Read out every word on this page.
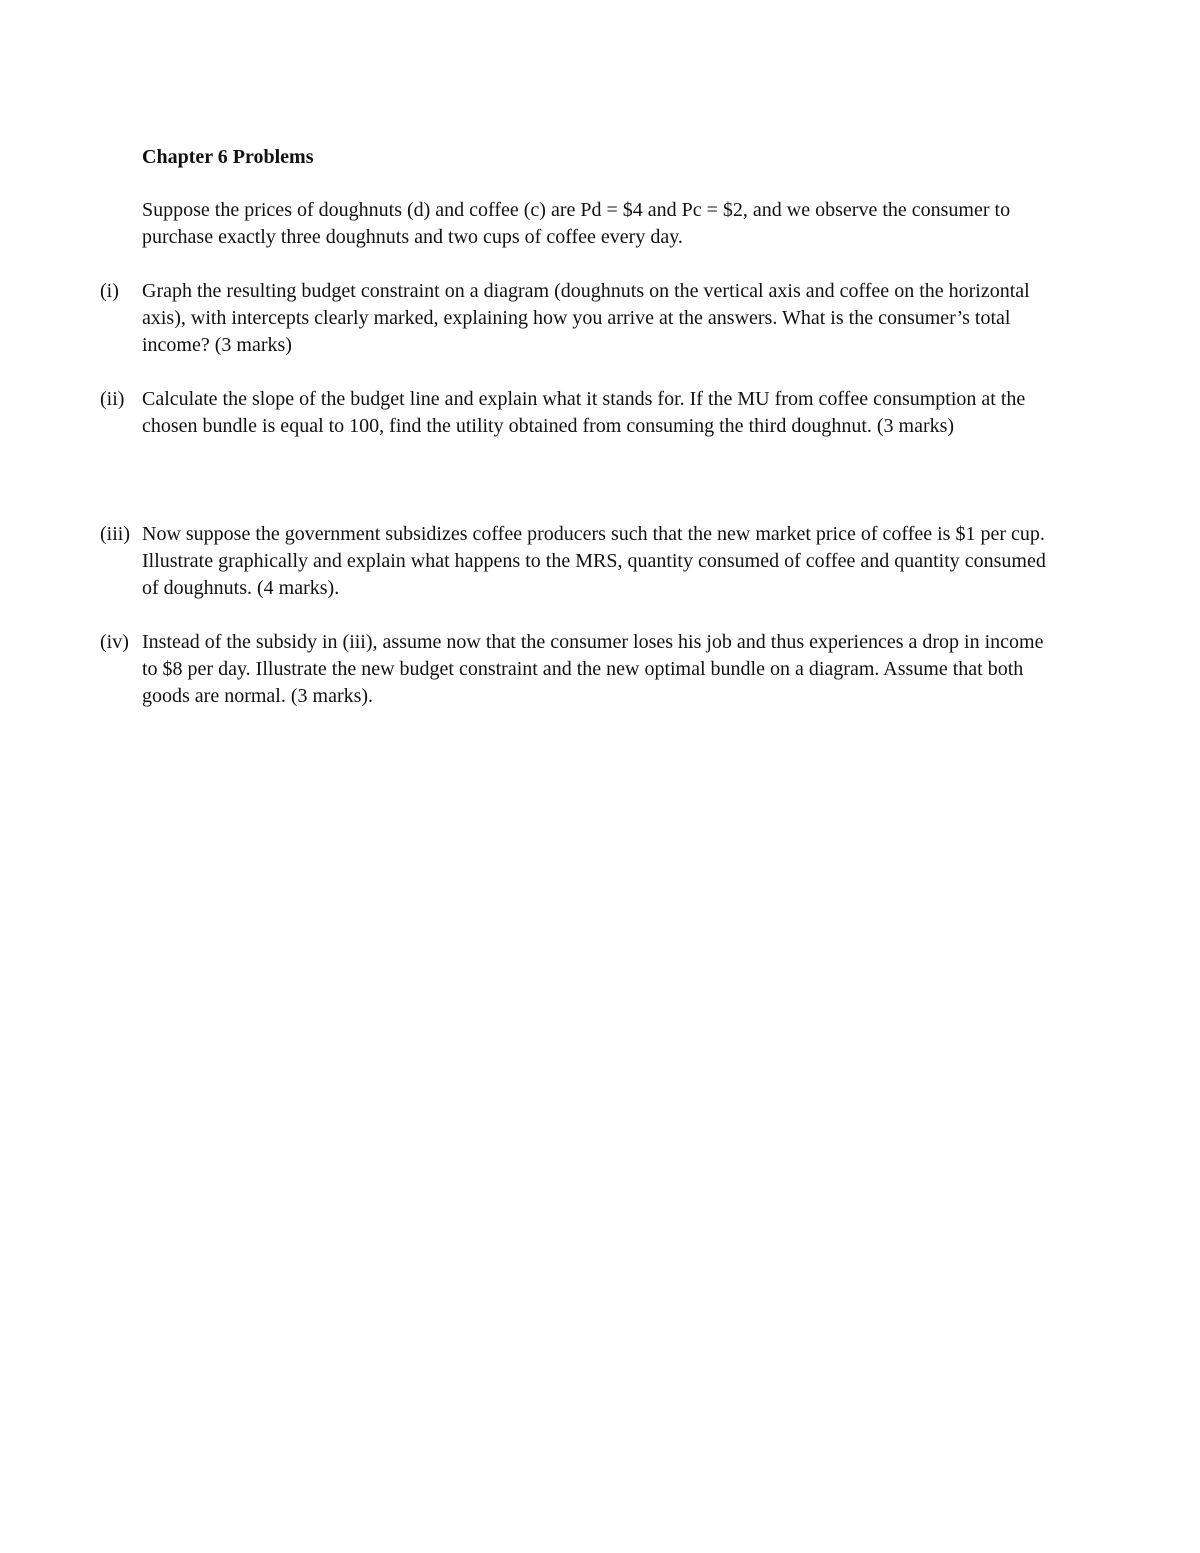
Chapter 6 Problems

Suppose the prices of doughnuts (d) and coffee (c) are Pd = $4 and Pc = $2, and we observe the consumer to purchase exactly three doughnuts and two cups of coffee every day.

(i)	Graph the resulting budget constraint on a diagram (doughnuts on the vertical axis and coffee on the horizontal axis), with intercepts clearly marked, explaining how you arrive at the answers. What is the consumer’s total income? (3 marks)
(ii) Calculate the slope of the budget line and explain what it stands for. If the MU from coffee consumption at the chosen bundle is equal to 100, find the utility obtained from consuming the third doughnut. (3 marks)
(iii) Now suppose the government subsidizes coffee producers such that the new market price of coffee is $1 per cup. Illustrate graphically and explain what happens to the MRS, quantity consumed of coffee and quantity consumed of doughnuts. (4 marks).
(iv) Instead of the subsidy in (iii), assume now that the consumer loses his job and thus experiences a drop in income to $8 per day. Illustrate the new budget constraint and the new optimal bundle on a diagram. Assume that both goods are normal. (3 marks).
